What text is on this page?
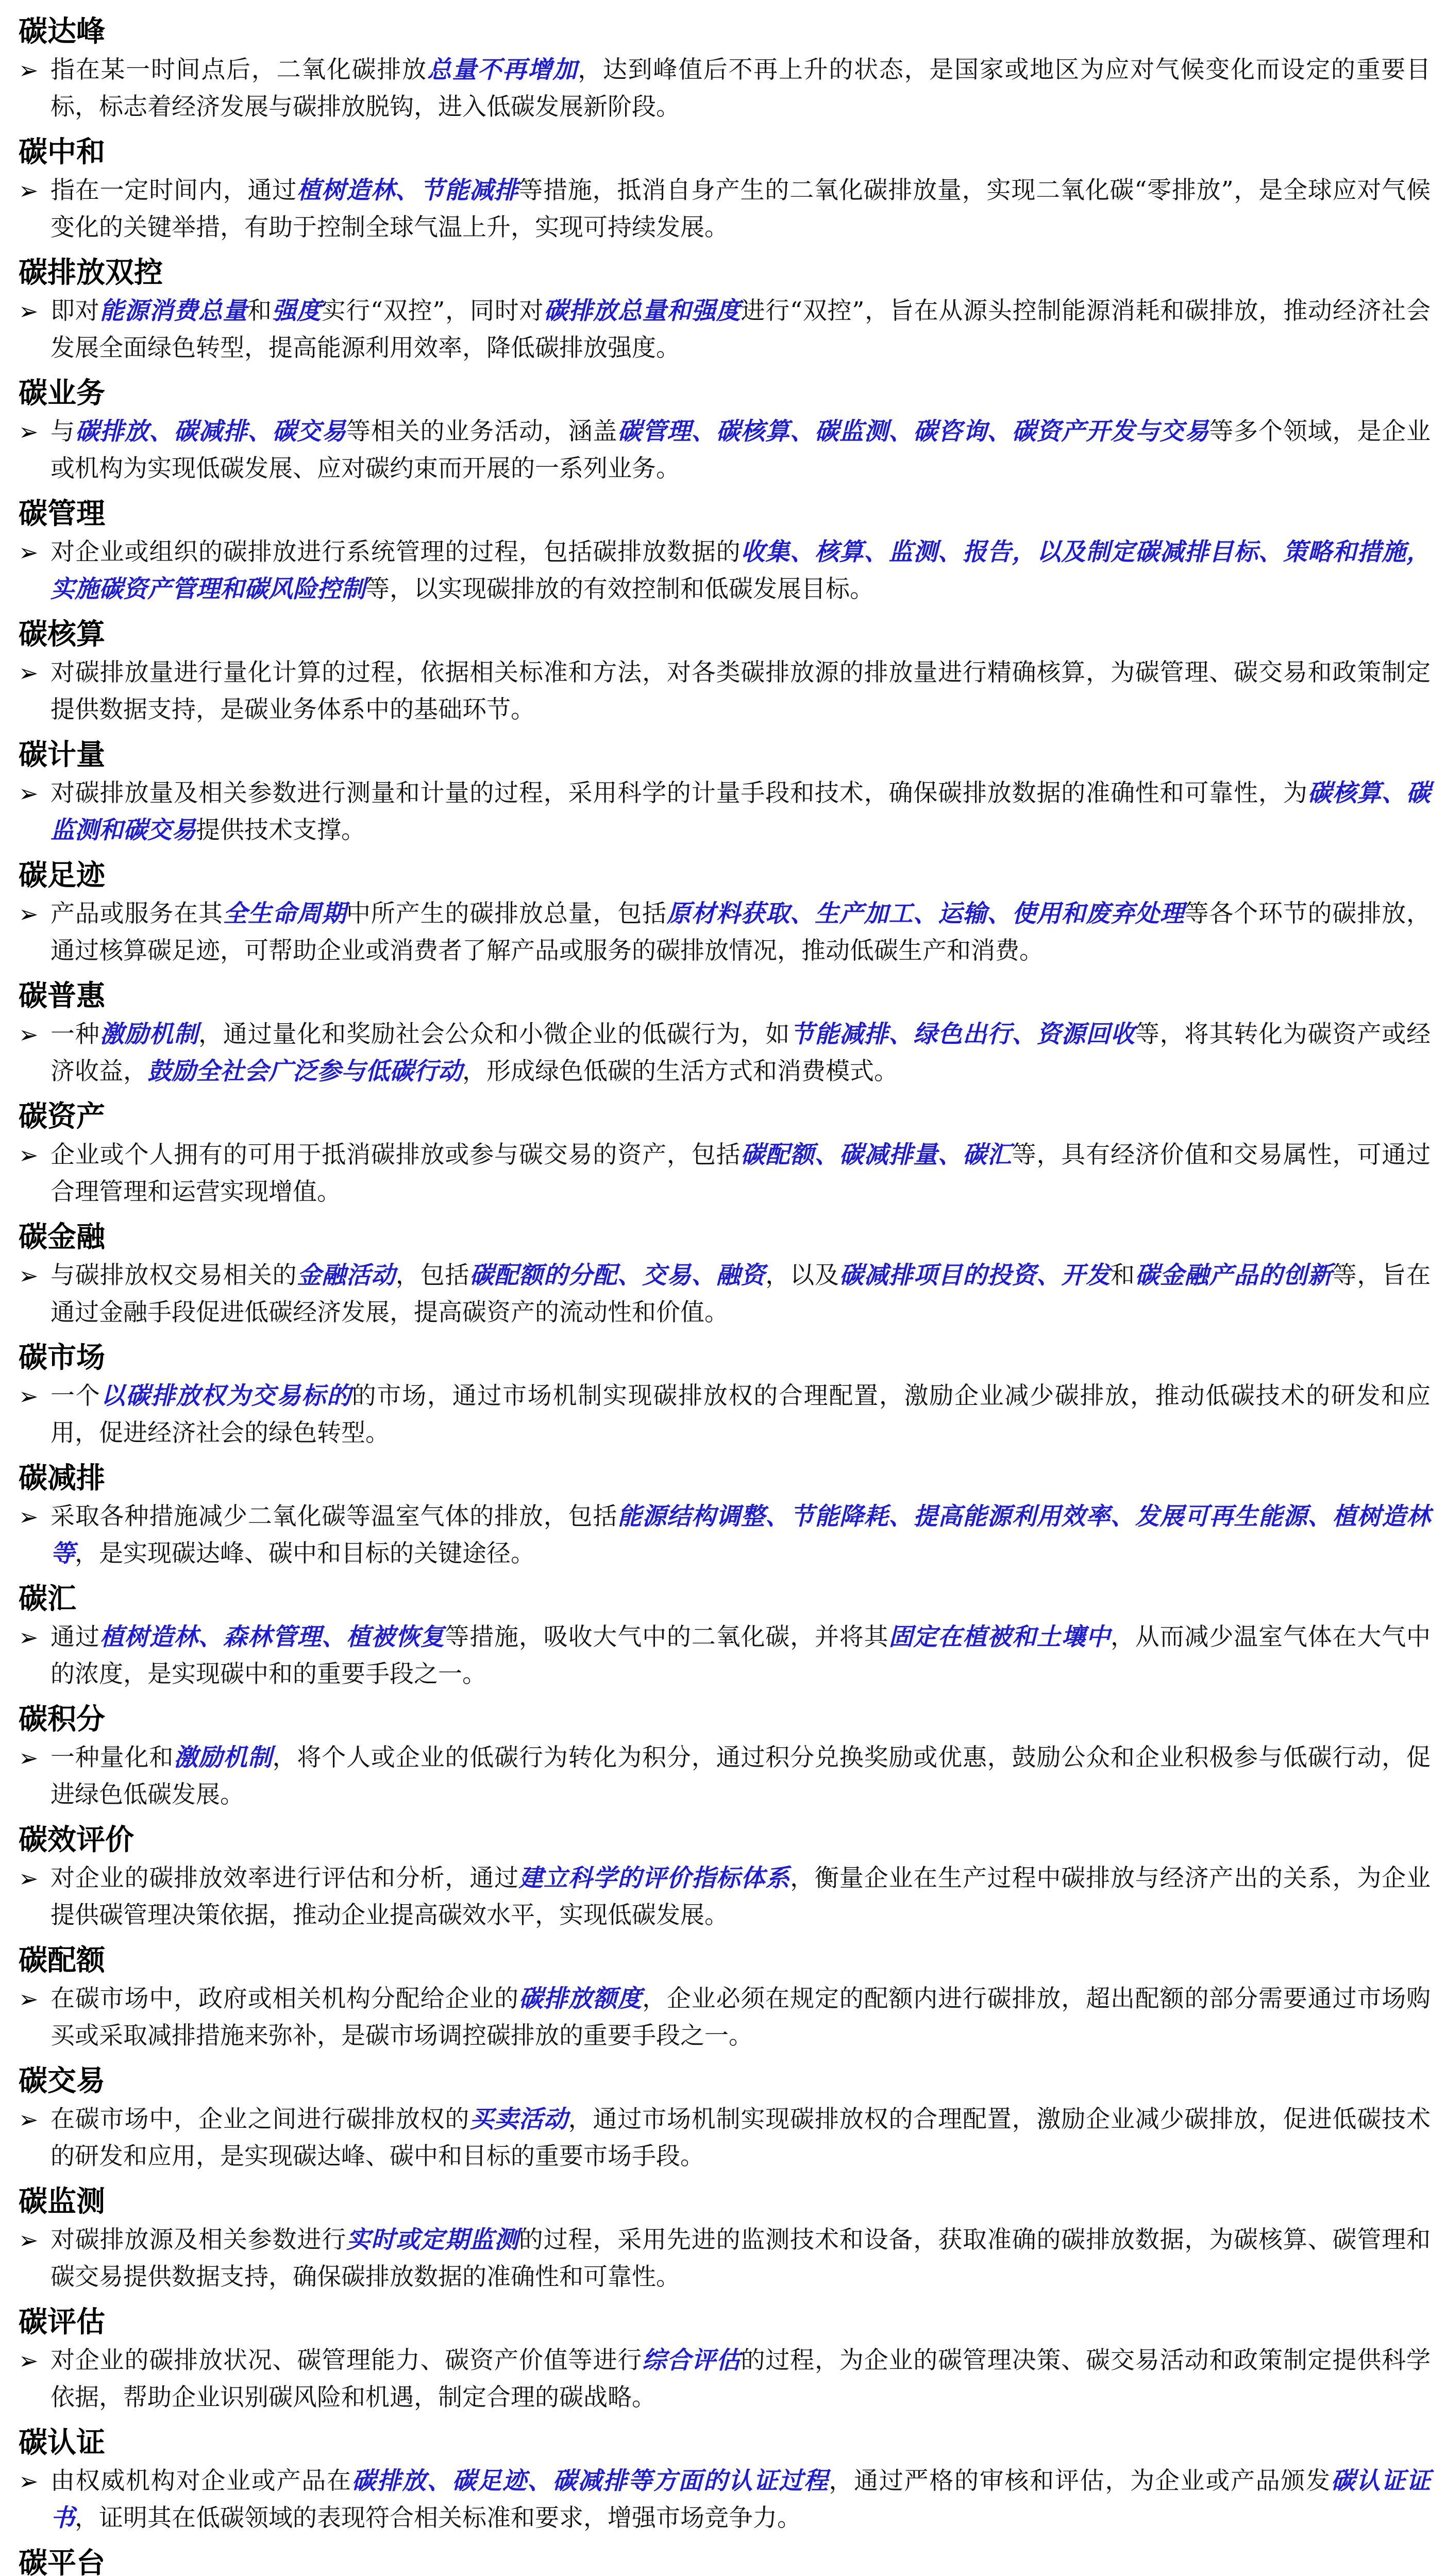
碳达峰
➢ 指在某一时间点后，二氧化碳排放总量不再增加，达到峰值后不再上升的状态，是国家或地区为应对气候变化而设定的重要目标，标志着经济发展与碳排放脱钩，进入低碳发展新阶段。
碳中和
➢ 指在一定时间内，通过植树造林、节能减排等措施，抵消自身产生的二氧化碳排放量，实现二氧化碳“零排放”，是全球应对气候变化的关键举措，有助于控制全球气温上升，实现可持续发展。
碳排放双控
➢ 即对能源消费总量和强度实行“双控”，同时对碳排放总量和强度进行“双控”，旨在从源头控制能源消耗和碳排放，推动经济社会发展全面绿色转型，提高能源利用效率，降低碳排放强度。
碳业务
➢ 与碳排放、碳减排、碳交易等相关的业务活动，涵盖碳管理、碳核算、碳监测、碳咨询、碳资产开发与交易等多个领域，是企业或机构为实现低碳发展、应对碳约束而开展的一系列业务。
碳管理
➢ 对企业或组织的碳排放进行系统管理的过程，包括碳排放数据的收集、核算、监测、报告，以及制定碳减排目标、策略和措施，实施碳资产管理和碳风险控制等，以实现碳排放的有效控制和低碳发展目标。
碳核算
➢ 对碳排放量进行量化计算的过程，依据相关标准和方法，对各类碳排放源的排放量进行精确核算，为碳管理、碳交易和政策制定提供数据支持，是碳业务体系中的基础环节。
碳计量
➢ 对碳排放量及相关参数进行测量和计量的过程，采用科学的计量手段和技术，确保碳排放数据的准确性和可靠性，为碳核算、碳监测和碳交易提供技术支撑。
碳足迹
➢ 产品或服务在其全生命周期中所产生的碳排放总量，包括原材料获取、生产加工、运输、使用和废弃处理等各个环节的碳排放，通过核算碳足迹，可帮助企业或消费者了解产品或服务的碳排放情况，推动低碳生产和消费。
碳普惠
➢ 一种激励机制，通过量化和奖励社会公众和小微企业的低碳行为，如节能减排、绿色出行、资源回收等，将其转化为碳资产或经济收益，鼓励全社会广泛参与低碳行动，形成绿色低碳的生活方式和消费模式。
碳资产
➢ 企业或个人拥有的可用于抵消碳排放或参与碳交易的资产，包括碳配额、碳减排量、碳汇等，具有经济价值和交易属性，可通过合理管理和运营实现增值。
碳金融
➢ 与碳排放权交易相关的金融活动，包括碳配额的分配、交易、融资，以及碳减排项目的投资、开发和碳金融产品的创新等，旨在通过金融手段促进低碳经济发展，提高碳资产的流动性和价值。
碳市场
➢ 一个以碳排放权为交易标的的市场，通过市场机制实现碳排放权的合理配置，激励企业减少碳排放，推动低碳技术的研发和应用，促进经济社会的绿色转型。
碳减排
➢ 采取各种措施减少二氧化碳等温室气体的排放，包括能源结构调整、节能降耗、提高能源利用效率、发展可再生能源、植树造林等，是实现碳达峰、碳中和目标的关键途径。
碳汇
➢ 通过植树造林、森林管理、植被恢复等措施，吸收大气中的二氧化碳，并将其固定在植被和土壤中，从而减少温室气体在大气中的浓度，是实现碳中和的重要手段之一。
碳积分
➢ 一种量化和激励机制，将个人或企业的低碳行为转化为积分，通过积分兑换奖励或优惠，鼓励公众和企业积极参与低碳行动，促进绿色低碳发展。
碳效评价
➢ 对企业的碳排放效率进行评估和分析，通过建立科学的评价指标体系，衡量企业在生产过程中碳排放与经济产出的关系，为企业提供碳管理决策依据，推动企业提高碳效水平，实现低碳发展。
碳配额
➢ 在碳市场中，政府或相关机构分配给企业的碳排放额度，企业必须在规定的配额内进行碳排放，超出配额的部分需要通过市场购买或采取减排措施来弥补，是碳市场调控碳排放的重要手段之一。
碳交易
➢ 在碳市场中，企业之间进行碳排放权的买卖活动，通过市场机制实现碳排放权的合理配置，激励企业减少碳排放，促进低碳技术的研发和应用，是实现碳达峰、碳中和目标的重要市场手段。
碳监测
➢ 对碳排放源及相关参数进行实时或定期监测的过程，采用先进的监测技术和设备，获取准确的碳排放数据，为碳核算、碳管理和碳交易提供数据支持，确保碳排放数据的准确性和可靠性。
碳评估
➢ 对企业的碳排放状况、碳管理能力、碳资产价值等进行综合评估的过程，为企业的碳管理决策、碳交易活动和政策制定提供科学依据，帮助企业识别碳风险和机遇，制定合理的碳战略。
碳认证
➢ 由权威机构对企业或产品在碳排放、碳足迹、碳减排等方面的认证过程，通过严格的审核和评估，为企业或产品颁发碳认证证书，证明其在低碳领域的表现符合相关标准和要求，增强市场竞争力。
碳平台
